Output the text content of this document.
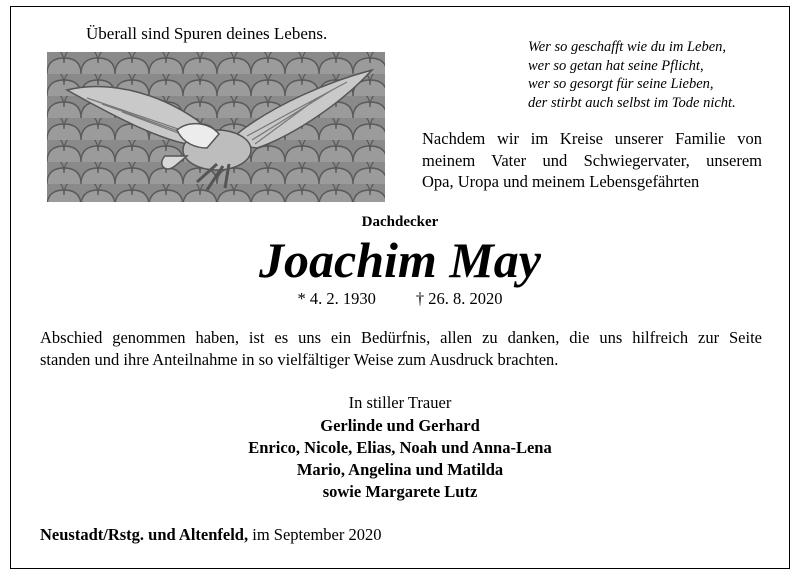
Überall sind Spuren deines Lebens.
Wer so geschafft wie du im Leben,
wer so getan hat seine Pflicht,
wer so gesorgt für seine Lieben,
der stirbt auch selbst im Tode nicht.
Nachdem wir im Kreise unserer Familie von
meinem Vater und Schwiegervater, unserem
Opa, Uropa und meinem Lebensgefährten
Dachdecker
Joachim May
* 4. 2. 1930 † 26. 8. 2020
Abschied genommen haben, ist es uns ein Bedürfnis, allen zu danken, die uns hilfreich zur Seite
standen und ihre Anteilnahme in so vielfältiger Weise zum Ausdruck brachten.
In stiller Trauer
Gerlinde und Gerhard
Enrico, Nicole, Elias, Noah und Anna-Lena
Mario, Angelina und Matilda
sowie Margarete Lutz
Neustadt/Rstg. und Altenfeld, im September 2020
